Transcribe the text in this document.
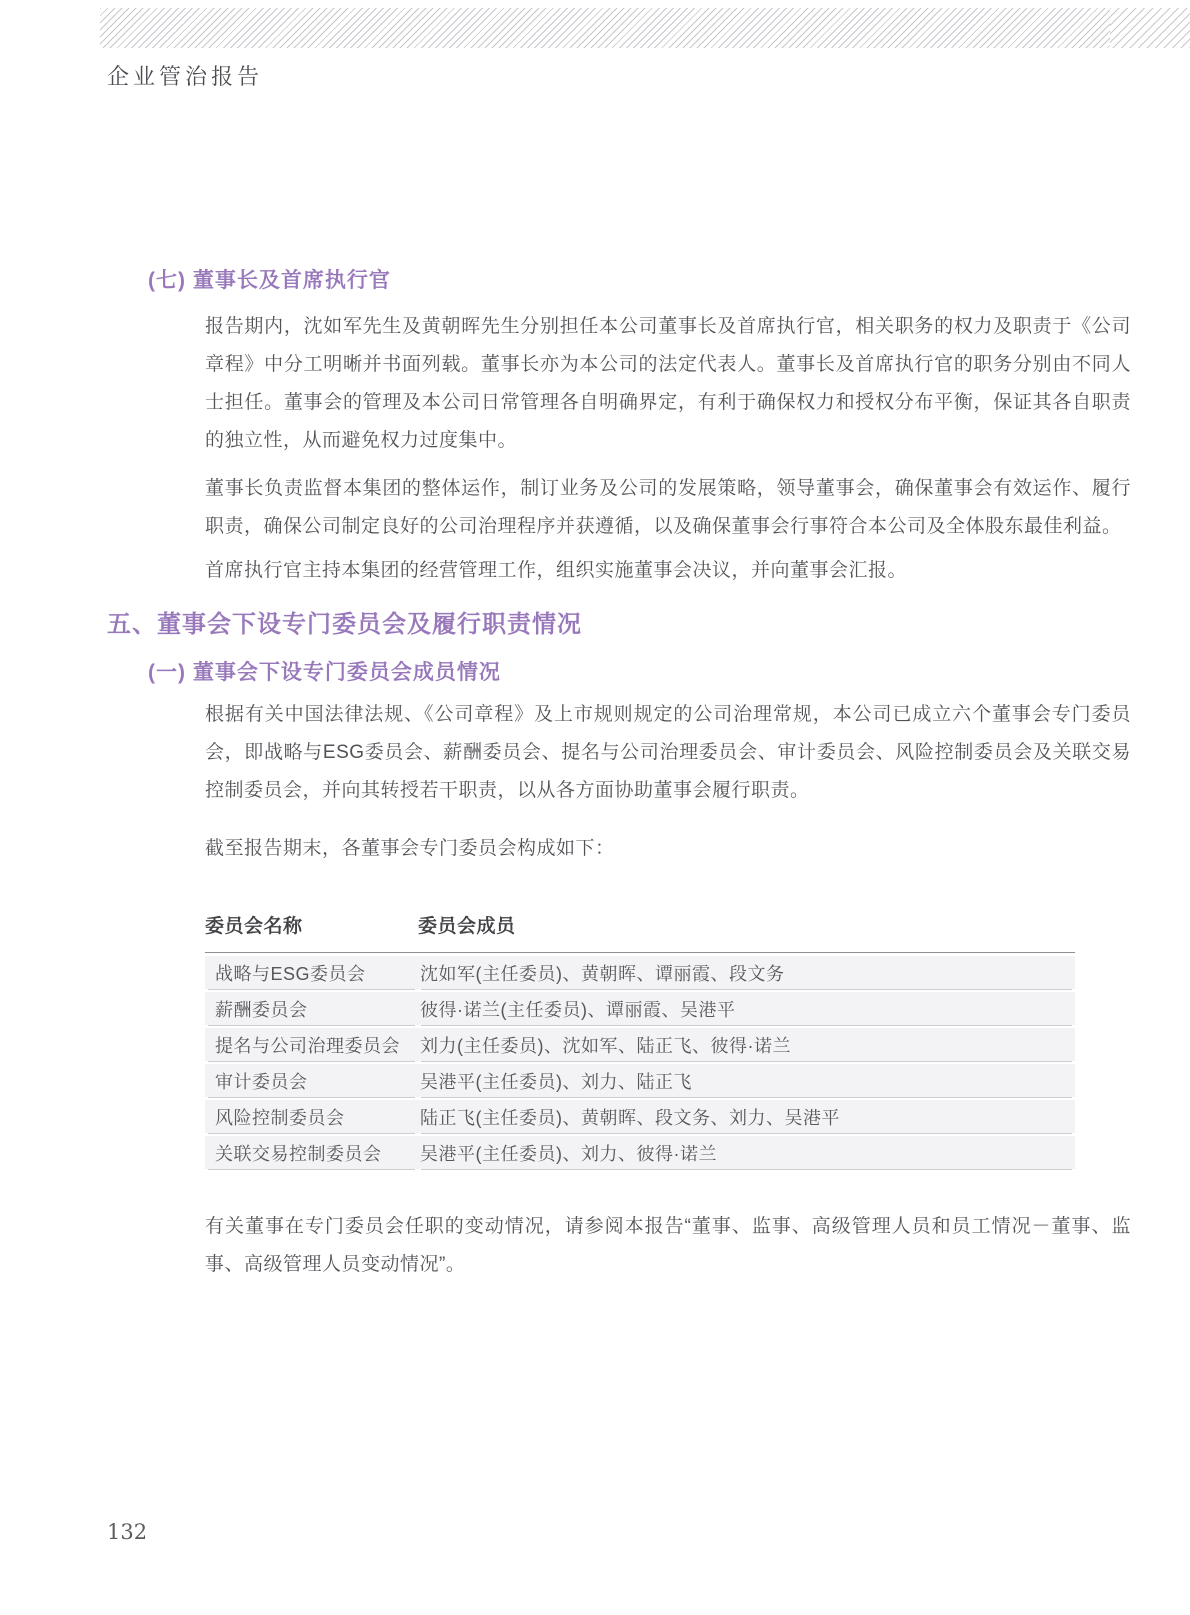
企业管治报告
(七) 董事长及首席执行官

报告期内，沈如军先生及黄朝晖先生分别担任本公司董事长及首席执行官，相关职务的权力及职责于《公司章程》中分工明晰并书面列载。董事长亦为本公司的法定代表人。董事长及首席执行官的职务分别由不同人士担任。董事会的管理及本公司日常管理各自明确界定，有利于确保权力和授权分布平衡，保证其各自职责的独立性，从而避免权力过度集中。

董事长负责监督本集团的整体运作，制订业务及公司的发展策略，领导董事会，确保董事会有效运作、履行职责，确保公司制定良好的公司治理程序并获遵循，以及确保董事会行事符合本公司及全体股东最佳利益。

首席执行官主持本集团的经营管理工作，组织实施董事会决议，并向董事会汇报。

五、董事会下设专门委员会及履行职责情况
(一) 董事会下设专门委员会成员情况

根据有关中国法律法规、《公司章程》及上市规则规定的公司治理常规，本公司已成立六个董事会专门委员会，即战略与ESG委员会、薪酬委员会、提名与公司治理委员会、审计委员会、风险控制委员会及关联交易控制委员会，并向其转授若干职责，以从各方面协助董事会履行职责。

截至报告期末，各董事会专门委员会构成如下：

委员会名称	委员会成员
战略与ESG委员会	沈如军(主任委员)、黄朝晖、谭丽霞、段文务
薪酬委员会	彼得·诺兰(主任委员)、谭丽霞、吴港平
提名与公司治理委员会	刘力(主任委员)、沈如军、陆正飞、彼得·诺兰
审计委员会	吴港平(主任委员)、刘力、陆正飞
风险控制委员会	陆正飞(主任委员)、黄朝晖、段文务、刘力、吴港平
关联交易控制委员会	吴港平(主任委员)、刘力、彼得·诺兰

有关董事在专门委员会任职的变动情况，请参阅本报告“董事、监事、高级管理人员和员工情况－董事、监事、高级管理人员变动情况”。

132
